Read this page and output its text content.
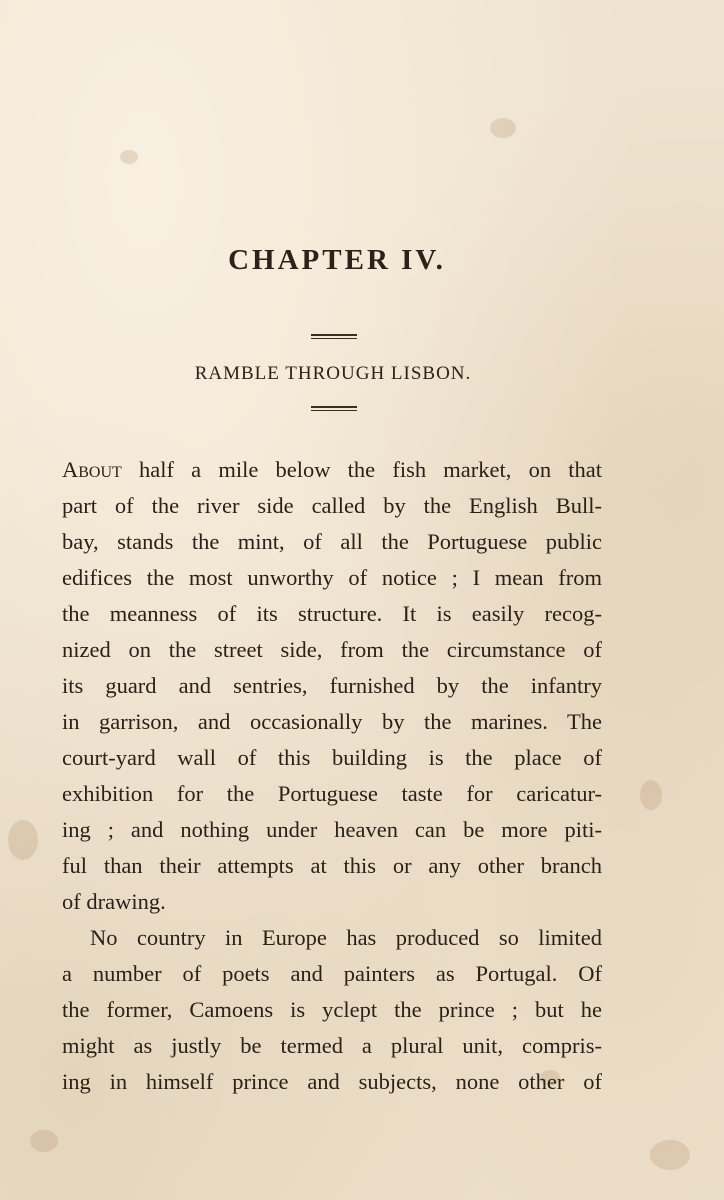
CHAPTER IV.
RAMBLE THROUGH LISBON.
About half a mile below the fish market, on that
part of the river side called by the English Bull-
bay, stands the mint, of all the Portuguese public
edifices the most unworthy of notice ; I mean from
the meanness of its structure. It is easily recog-
nized on the street side, from the circumstance of
its guard and sentries, furnished by the infantry
in garrison, and occasionally by the marines. The
court-yard wall of this building is the place of
exhibition for the Portuguese taste for caricatur-
ing ; and nothing under heaven can be more piti-
ful than their attempts at this or any other branch
of drawing.
No country in Europe has produced so limited
a number of poets and painters as Portugal. Of
the former, Camoens is yclept the prince ; but he
might as justly be termed a plural unit, compris-
ing in himself prince and subjects, none other of
